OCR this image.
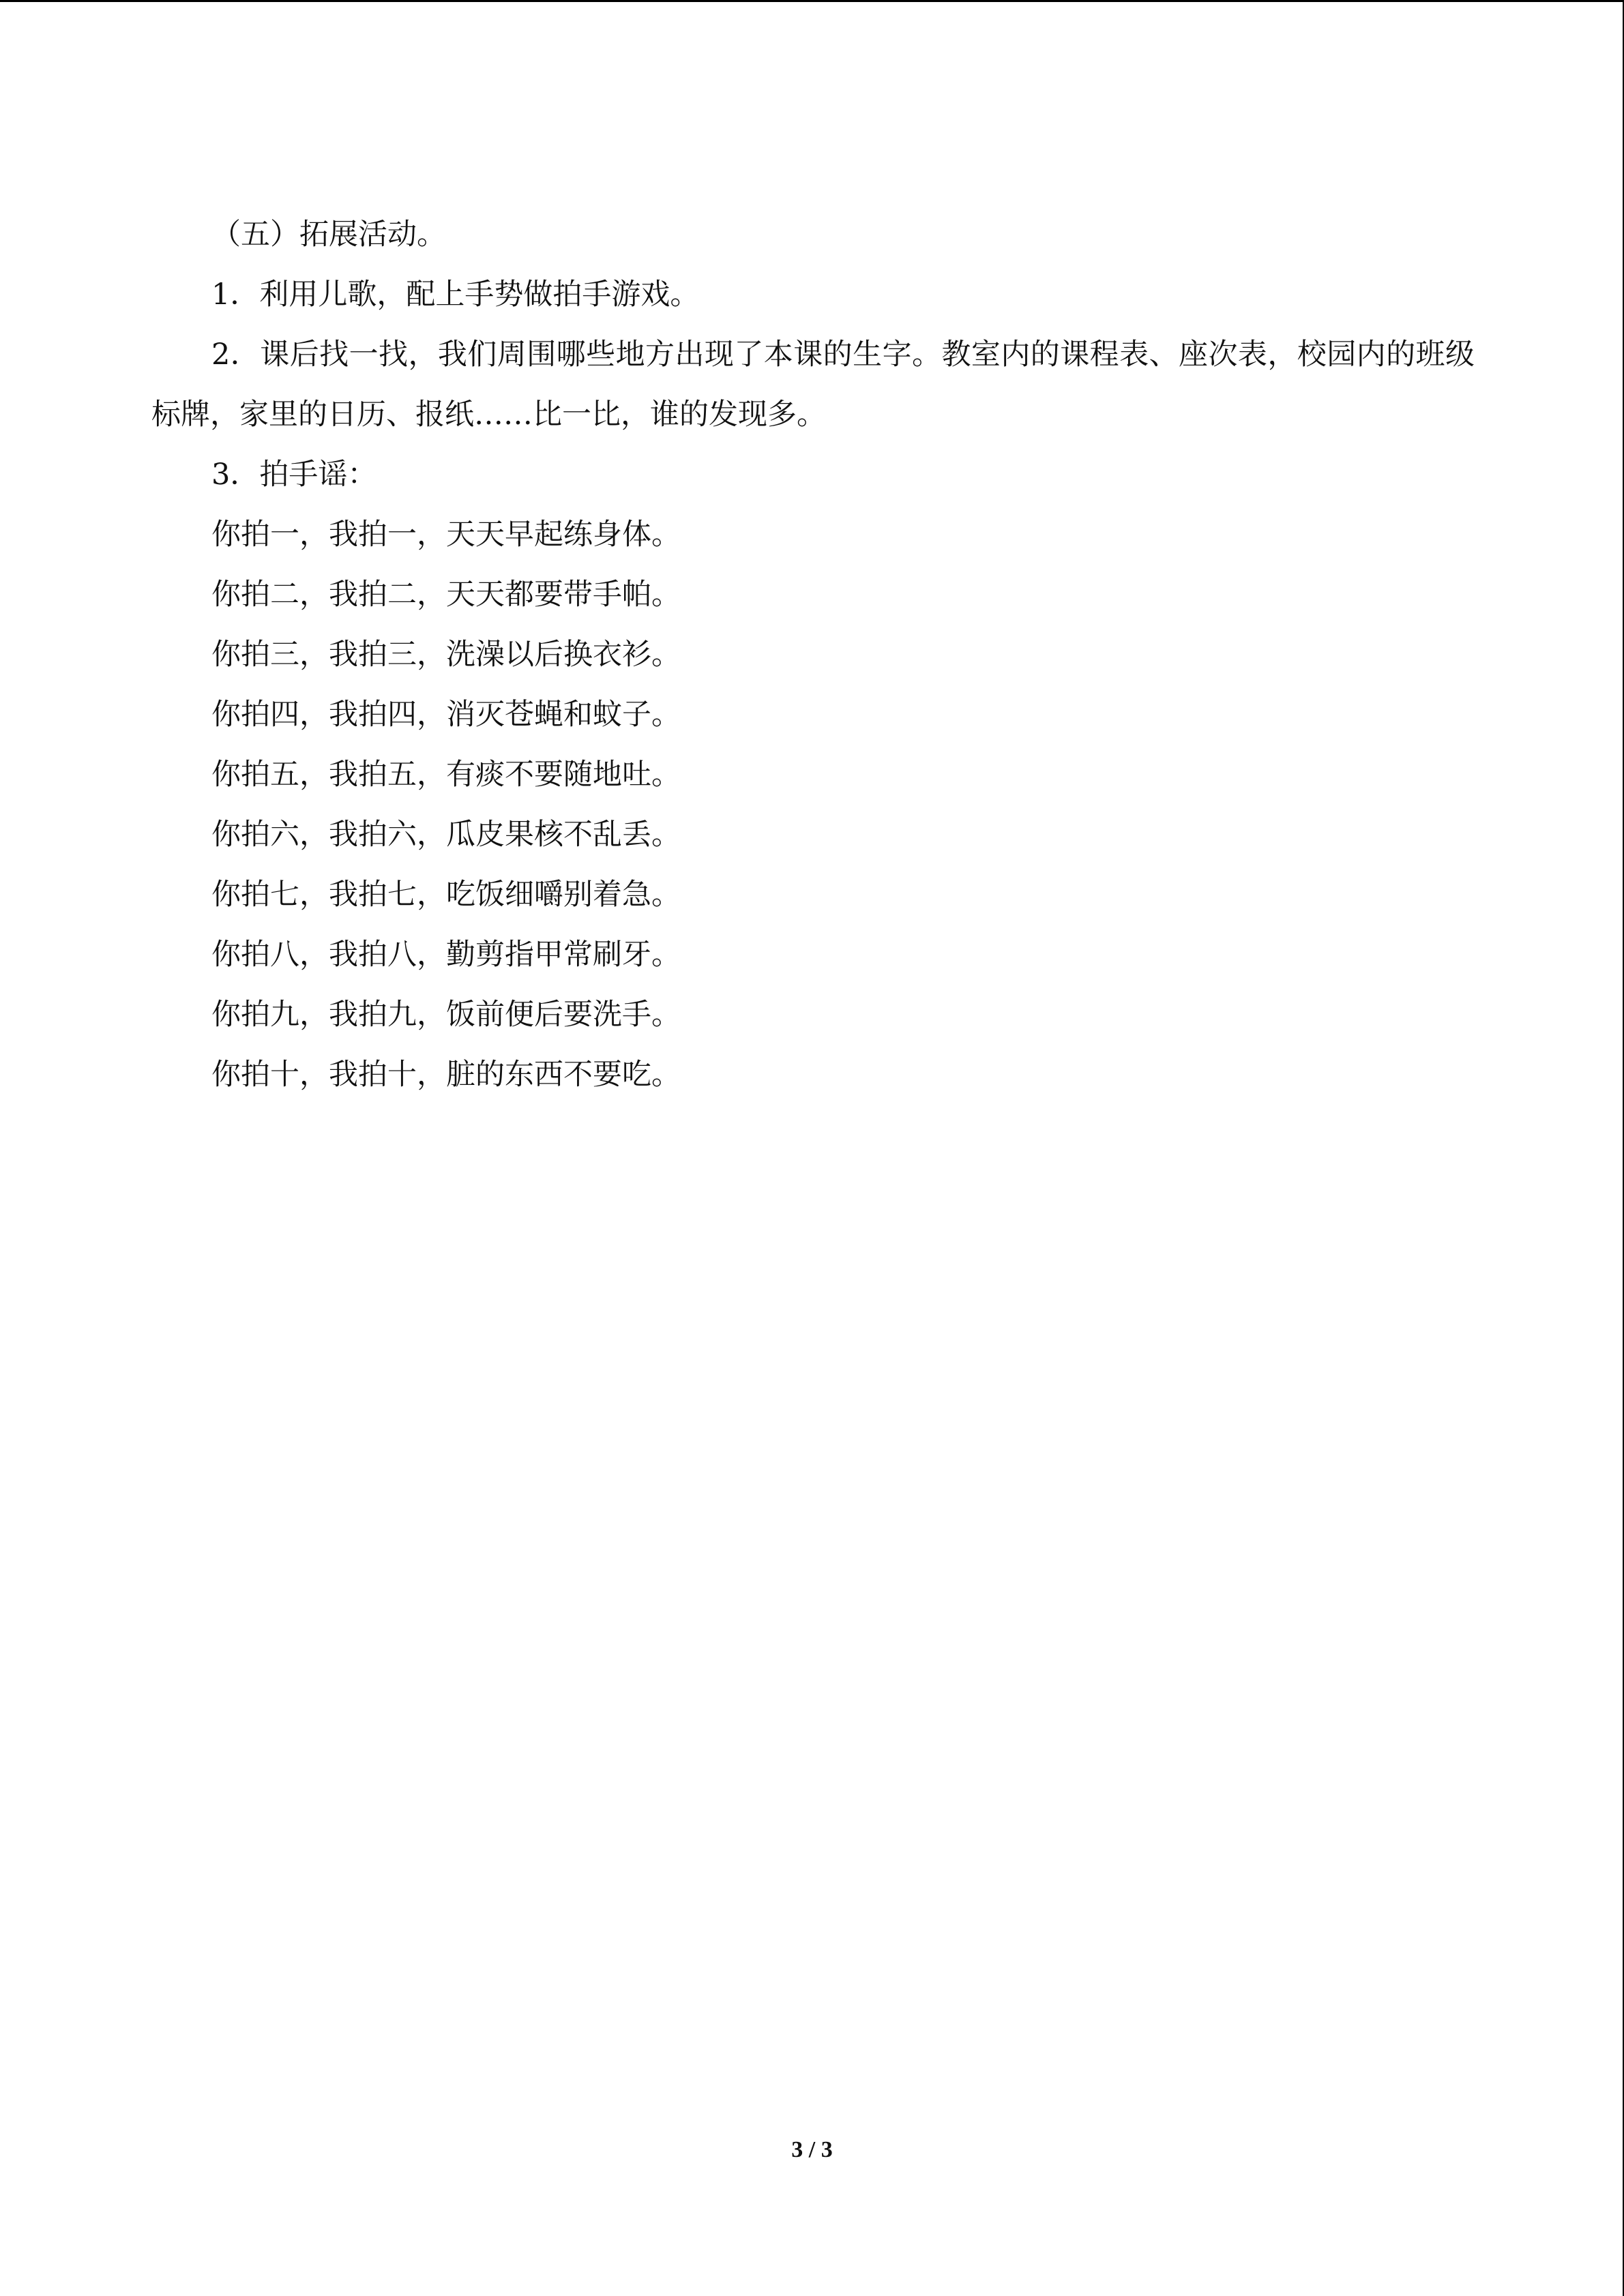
（五）拓展活动。

1．利用儿歌，配上手势做拍手游戏。

2．课后找一找，我们周围哪些地方出现了本课的生字。教室内的课程表、座次表，校园内的班级标牌，家里的日历、报纸……比一比，谁的发现多。

3．拍手谣：

你拍一，我拍一，天天早起练身体。

你拍二，我拍二，天天都要带手帕。

你拍三，我拍三，洗澡以后换衣衫。

你拍四，我拍四，消灭苍蝇和蚊子。

你拍五，我拍五，有痰不要随地吐。

你拍六，我拍六，瓜皮果核不乱丢。

你拍七，我拍七，吃饭细嚼别着急。

你拍八，我拍八，勤剪指甲常刷牙。

你拍九，我拍九，饭前便后要洗手。

你拍十，我拍十，脏的东西不要吃。

3 / 3
